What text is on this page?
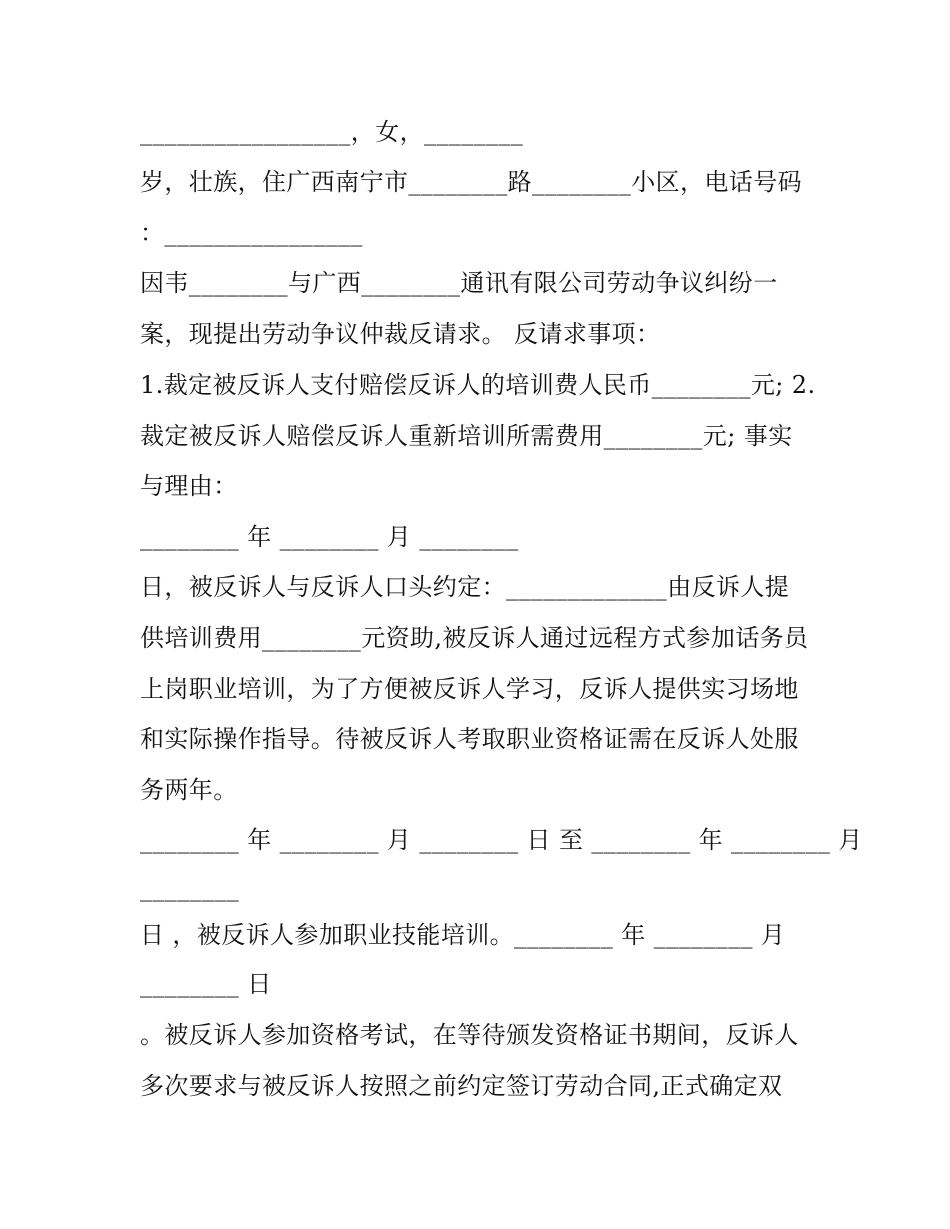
_________________，女，________
岁，壮族，住广西南宁市________路________小区，电话号码
：________________
因韦________与广西________通讯有限公司劳动争议纠纷一
案，现提出劳动争议仲裁反请求。 反请求事项：
1.裁定被反诉人支付赔偿反诉人的培训费人民币________元; 2.
裁定被反诉人赔偿反诉人重新培训所需费用________元; 事实
与理由：
________ 年 ________ 月 ________
日，被反诉人与反诉人口头约定：_____________由反诉人提
供培训费用________元资助,被反诉人通过远程方式参加话务员
上岗职业培训，为了方便被反诉人学习，反诉人提供实习场地
和实际操作指导。待被反诉人考取职业资格证需在反诉人处服
务两年。
________ 年 ________ 月 ________ 日 至 ________ 年 ________ 月
________
日 ，被反诉人参加职业技能培训。________ 年 ________ 月
________ 日
。被反诉人参加资格考试，在等待颁发资格证书期间，反诉人
多次要求与被反诉人按照之前约定签订劳动合同,正式确定双
